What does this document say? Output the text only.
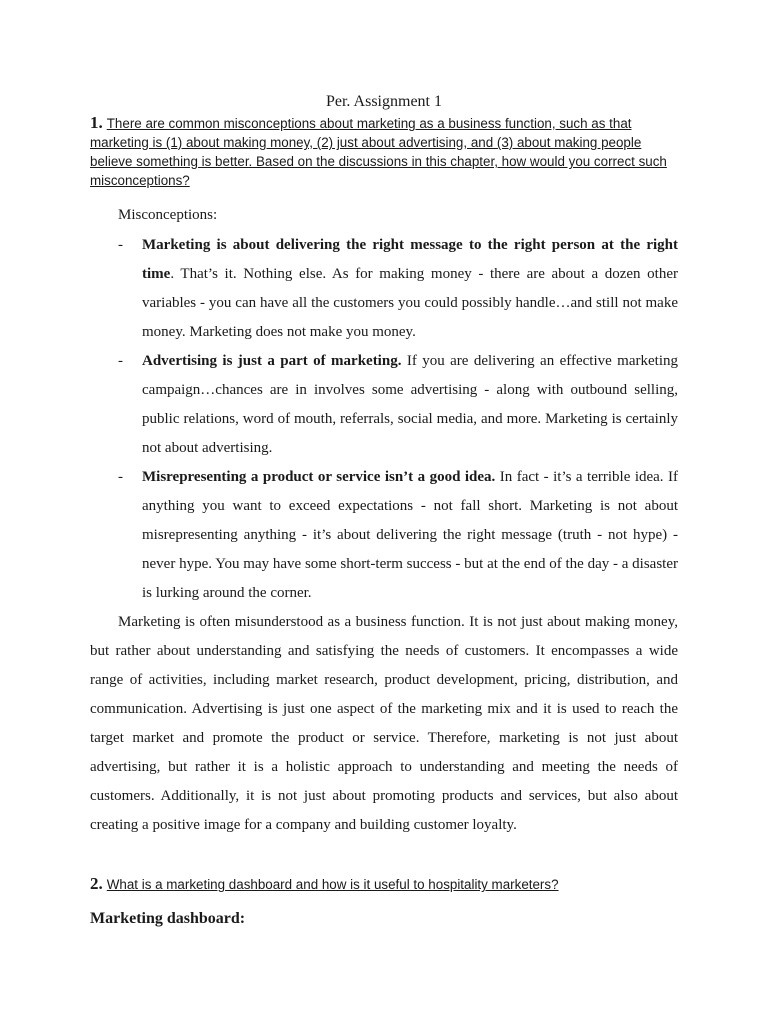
Per. Assignment 1
1. There are common misconceptions about marketing as a business function, such as that marketing is (1) about making money, (2) just about advertising, and (3) about making people believe something is better. Based on the discussions in this chapter, how would you correct such misconceptions?
Misconceptions:
-	Marketing is about delivering the right message to the right person at the right time. That’s it. Nothing else. As for making money - there are about a dozen other variables - you can have all the customers you could possibly handle…and still not make money. Marketing does not make you money.
-	Advertising is just a part of marketing. If you are delivering an effective marketing campaign…chances are in involves some advertising - along with outbound selling, public relations, word of mouth, referrals, social media, and more. Marketing is certainly not about advertising.
-	Misrepresenting a product or service isn’t a good idea. In fact - it’s a terrible idea. If anything you want to exceed expectations - not fall short. Marketing is not about misrepresenting anything - it’s about delivering the right message (truth - not hype) - never hype. You may have some short-term success - but at the end of the day - a disaster is lurking around the corner.
Marketing is often misunderstood as a business function. It is not just about making money, but rather about understanding and satisfying the needs of customers. It encompasses a wide range of activities, including market research, product development, pricing, distribution, and communication. Advertising is just one aspect of the marketing mix and it is used to reach the target market and promote the product or service. Therefore, marketing is not just about advertising, but rather it is a holistic approach to understanding and meeting the needs of customers. Additionally, it is not just about promoting products and services, but also about creating a positive image for a company and building customer loyalty.
2. What is a marketing dashboard and how is it useful to hospitality marketers?
Marketing dashboard:
